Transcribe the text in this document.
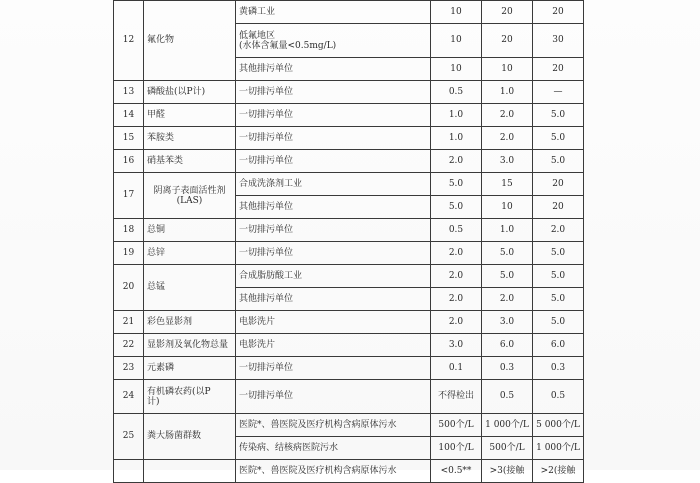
12	氟化物	黄磷工业	10	20	20
		低氟地区
(水体含氟量<0.5mg/L)	10	20	30
		其他排污单位	10	10	20
13	磷酸盐(以P计)	一切排污单位	0.5	1.0	—
14	甲醛	一切排污单位	1.0	2.0	5.0
15	苯胺类	一切排污单位	1.0	2.0	5.0
16	硝基苯类	一切排污单位	2.0	3.0	5.0
17	阴离子表面活性剂
(LAS)	合成洗涤剂工业	5.0	15	20
		其他排污单位	5.0	10	20
18	总铜	一切排污单位	0.5	1.0	2.0
19	总锌	一切排污单位	2.0	5.0	5.0
20	总锰	合成脂肪酸工业	2.0	5.0	5.0
		其他排污单位	2.0	2.0	5.0
21	彩色显影剂	电影洗片	2.0	3.0	5.0
22	显影剂及氧化物总量	电影洗片	3.0	6.0	6.0
23	元素磷	一切排污单位	0.1	0.3	0.3
24	有机磷农药(以P
计)	一切排污单位	不得检出	0.5	0.5
25	粪大肠菌群数	医院*、兽医院及医疗机构含病原体污水	500个/L	1 000个/L	5 000个/L
		传染病、结核病医院污水	100个/L	500个/L	1 000个/L
		医院*、兽医院及医疗机构含病原体污水	<0.5**	>3(接触	>2(接触
